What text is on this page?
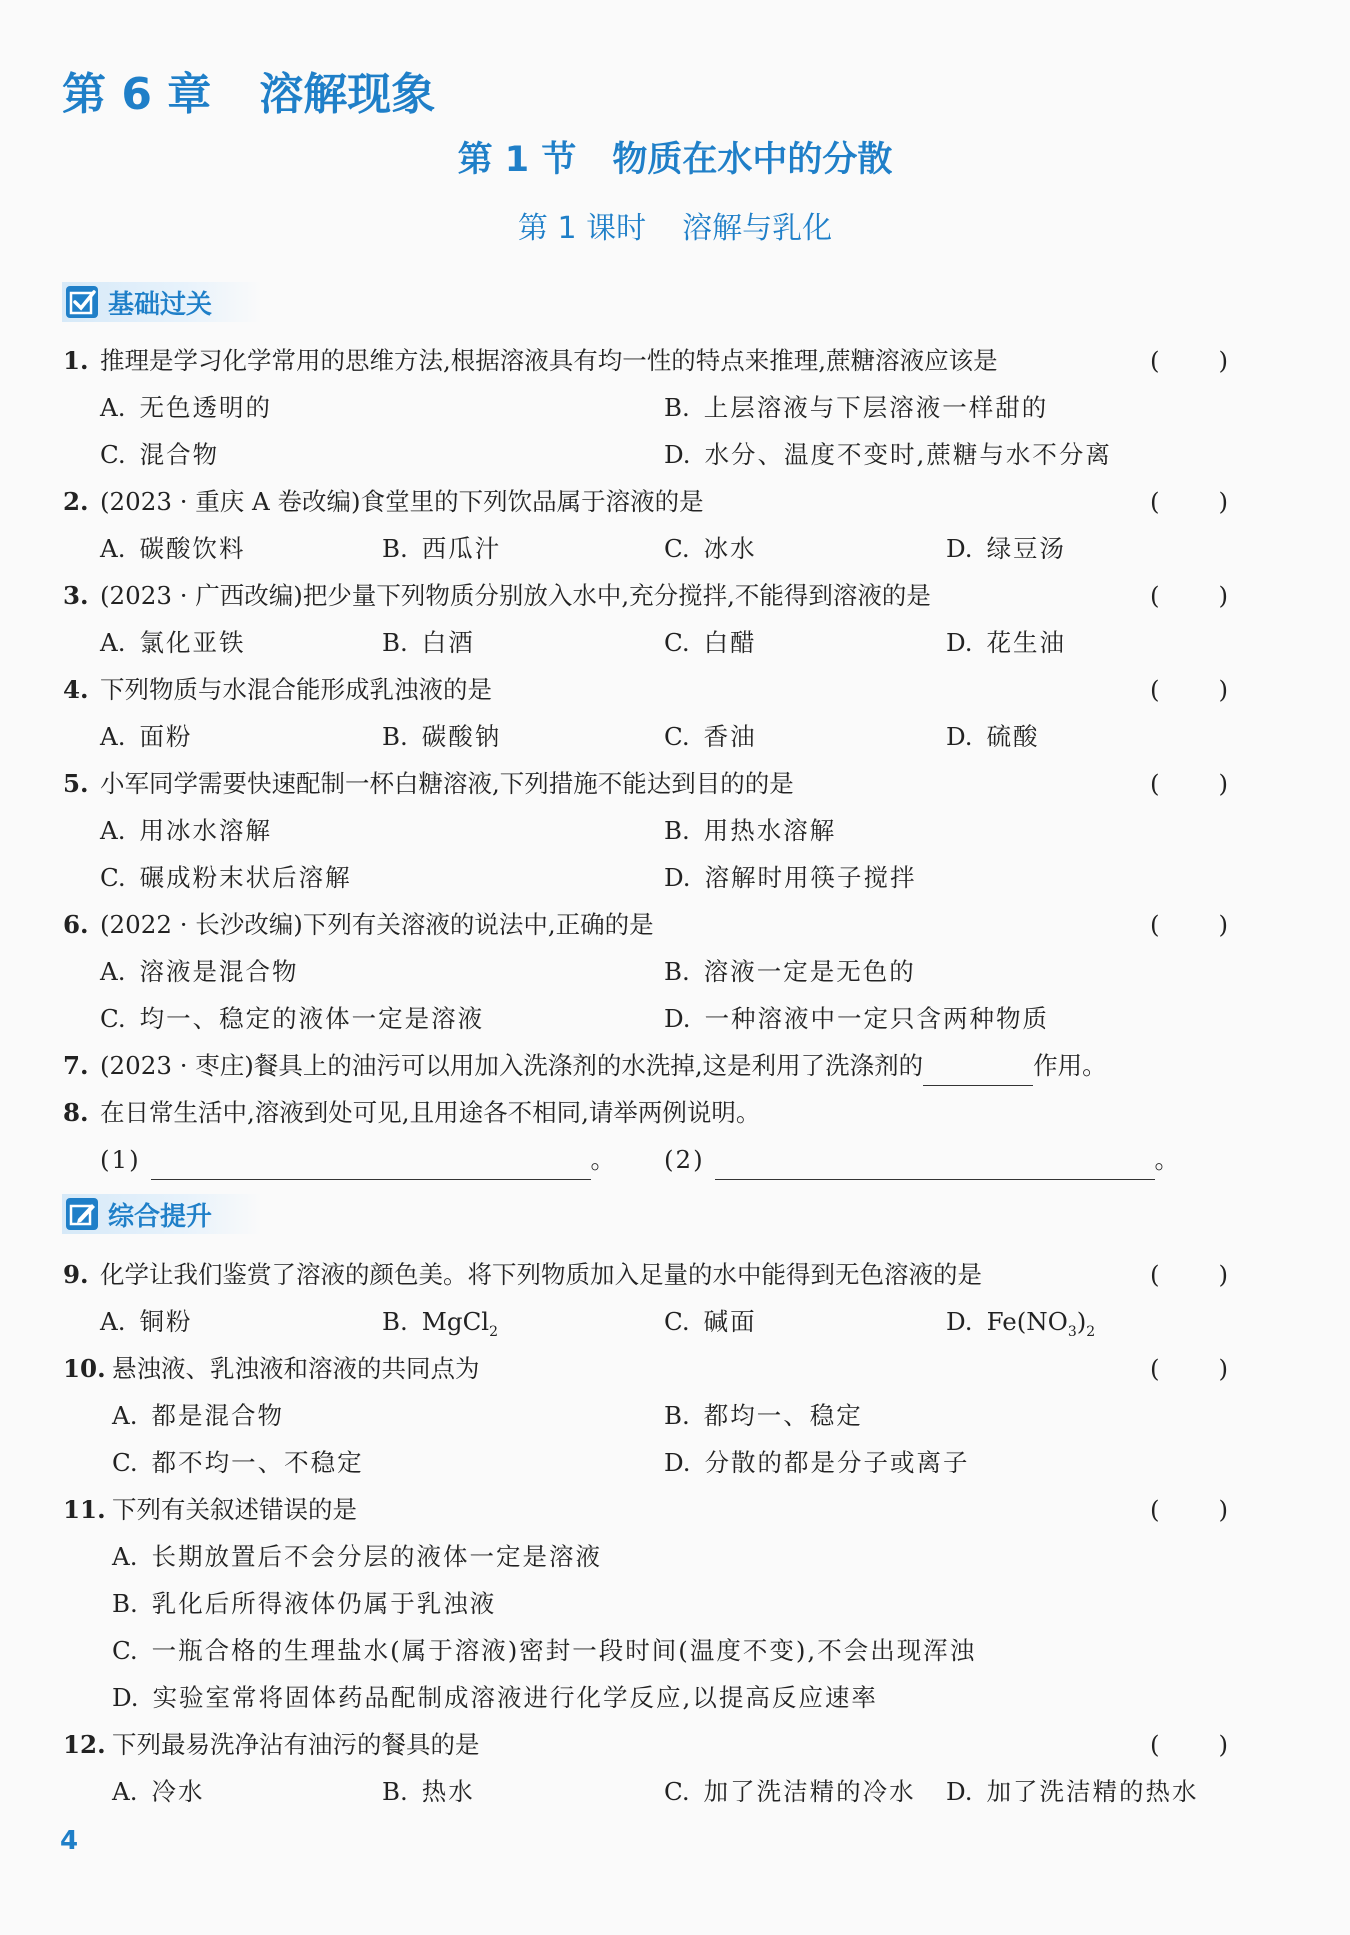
第 6 章 溶解现象
第 1 节 物质在水中的分散
第 1 课时 溶解与乳化
基础过关
1. 推理是学习化学常用的思维方法,根据溶液具有均一性的特点来推理,蔗糖溶液应该是	( )
A. 无色透明的	B. 上层溶液与下层溶液一样甜的
C. 混合物	D. 水分、温度不变时,蔗糖与水不分离
2. (2023 · 重庆 A 卷改编)食堂里的下列饮品属于溶液的是	( )
A. 碳酸饮料	B. 西瓜汁	C. 冰水	D. 绿豆汤
3. (2023 · 广西改编)把少量下列物质分别放入水中,充分搅拌,不能得到溶液的是	( )
A. 氯化亚铁	B. 白酒	C. 白醋	D. 花生油
4. 下列物质与水混合能形成乳浊液的是	( )
A. 面粉	B. 碳酸钠	C. 香油	D. 硫酸
5. 小军同学需要快速配制一杯白糖溶液,下列措施不能达到目的的是	( )
A. 用冰水溶解	B. 用热水溶解
C. 碾成粉末状后溶解	D. 溶解时用筷子搅拌
6. (2022 · 长沙改编)下列有关溶液的说法中,正确的是	( )
A. 溶液是混合物	B. 溶液一定是无色的
C. 均一、稳定的液体一定是溶液	D. 一种溶液中一定只含两种物质
7. (2023 · 枣庄)餐具上的油污可以用加入洗涤剂的水洗掉,这是利用了洗涤剂的	作用。
8. 在日常生活中,溶液到处可见,且用途各不相同,请举两例说明。
(1)	。 (2)	。
综合提升
9. 化学让我们鉴赏了溶液的颜色美。将下列物质加入足量的水中能得到无色溶液的是	( )
A. 铜粉	B. MgCl$_2$	C. 碱面	D. $Fe(NO_3)_2$
10. 悬浊液、乳浊液和溶液的共同点为	( )
A. 都是混合物	B. 都均一、稳定
C. 都不均一、不稳定	D. 分散的都是分子或离子
11. 下列有关叙述错误的是	( )
A. 长期放置后不会分层的液体一定是溶液
B. 乳化后所得液体仍属于乳浊液
C. 一瓶合格的生理盐水(属于溶液)密封一段时间(温度不变),不会出现浑浊
D. 实验室常将固体药品配制成溶液进行化学反应,以提高反应速率
12. 下列最易洗净沾有油污的餐具的是	( )
A. 冷水	B. 热水	C. 加了洗洁精的冷水 D. 加了洗洁精的热水
4
